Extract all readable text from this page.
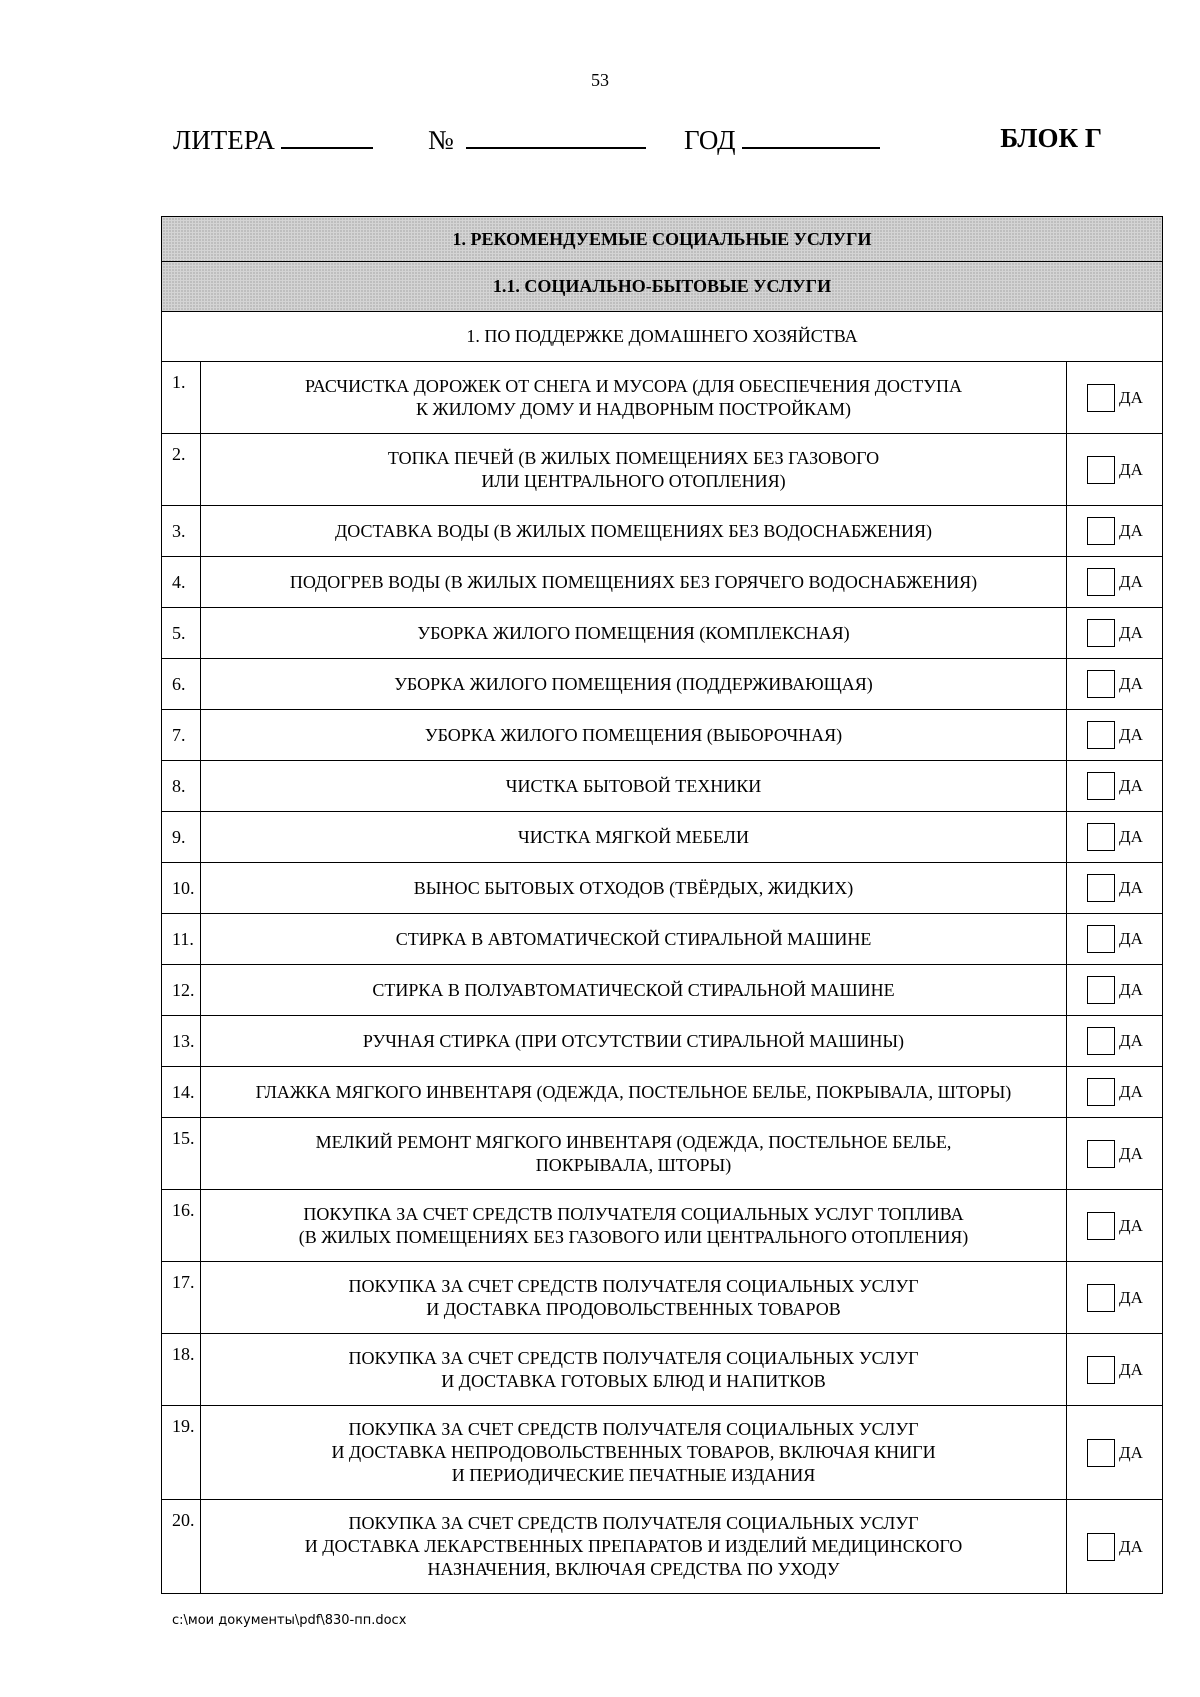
53
ЛИТЕРА	№	ГОД	БЛОК Г
1. РЕКОМЕНДУЕМЫЕ СОЦИАЛЬНЫЕ УСЛУГИ		
1.1. СОЦИАЛЬНО-БЫТОВЫЕ УСЛУГИ		
1. ПО ПОДДЕРЖКЕ ДОМАШНЕГО ХОЗЯЙСТВА		
1.	РАСЧИСТКА ДОРОЖЕК ОТ СНЕГА И МУСОРА (ДЛЯ ОБЕСПЕЧЕНИЯ ДОСТУПА
К ЖИЛОМУ ДОМУ И НАДВОРНЫМ ПОСТРОЙКАМ)	ДА
2.	ТОПКА ПЕЧЕЙ (В ЖИЛЫХ ПОМЕЩЕНИЯХ БЕЗ ГАЗОВОГО
ИЛИ ЦЕНТРАЛЬНОГО ОТОПЛЕНИЯ)	ДА
3.	ДОСТАВКА ВОДЫ (В ЖИЛЫХ ПОМЕЩЕНИЯХ БЕЗ ВОДОСНАБЖЕНИЯ)	ДА
4.	ПОДОГРЕВ ВОДЫ (В ЖИЛЫХ ПОМЕЩЕНИЯХ БЕЗ ГОРЯЧЕГО ВОДОСНАБЖЕНИЯ)	ДА
5.	УБОРКА ЖИЛОГО ПОМЕЩЕНИЯ (КОМПЛЕКСНАЯ)	ДА
6.	УБОРКА ЖИЛОГО ПОМЕЩЕНИЯ (ПОДДЕРЖИВАЮЩАЯ)	ДА
7.	УБОРКА ЖИЛОГО ПОМЕЩЕНИЯ (ВЫБОРОЧНАЯ)	ДА
8.	ЧИСТКА БЫТОВОЙ ТЕХНИКИ	ДА
9.	ЧИСТКА МЯГКОЙ МЕБЕЛИ	ДА
10.	ВЫНОС БЫТОВЫХ ОТХОДОВ (ТВЁРДЫХ, ЖИДКИХ)	ДА
11.	СТИРКА В АВТОМАТИЧЕСКОЙ СТИРАЛЬНОЙ МАШИНЕ	ДА
12.	СТИРКА В ПОЛУАВТОМАТИЧЕСКОЙ СТИРАЛЬНОЙ МАШИНЕ	ДА
13.	РУЧНАЯ СТИРКА (ПРИ ОТСУТСТВИИ СТИРАЛЬНОЙ МАШИНЫ)	ДА
14.	ГЛАЖКА МЯГКОГО ИНВЕНТАРЯ (ОДЕЖДА, ПОСТЕЛЬНОЕ БЕЛЬЕ, ПОКРЫВАЛА, ШТОРЫ)	ДА
15.	МЕЛКИЙ РЕМОНТ МЯГКОГО ИНВЕНТАРЯ (ОДЕЖДА, ПОСТЕЛЬНОЕ БЕЛЬЕ,
ПОКРЫВАЛА, ШТОРЫ)	ДА
16.	ПОКУПКА ЗА СЧЕТ СРЕДСТВ ПОЛУЧАТЕЛЯ СОЦИАЛЬНЫХ УСЛУГ ТОПЛИВА
(В ЖИЛЫХ ПОМЕЩЕНИЯХ БЕЗ ГАЗОВОГО ИЛИ ЦЕНТРАЛЬНОГО ОТОПЛЕНИЯ)	ДА
17.	ПОКУПКА ЗА СЧЕТ СРЕДСТВ ПОЛУЧАТЕЛЯ СОЦИАЛЬНЫХ УСЛУГ
И ДОСТАВКА ПРОДОВОЛЬСТВЕННЫХ ТОВАРОВ	ДА
18.	ПОКУПКА ЗА СЧЕТ СРЕДСТВ ПОЛУЧАТЕЛЯ СОЦИАЛЬНЫХ УСЛУГ
И ДОСТАВКА ГОТОВЫХ БЛЮД И НАПИТКОВ	ДА
19.	ПОКУПКА ЗА СЧЕТ СРЕДСТВ ПОЛУЧАТЕЛЯ СОЦИАЛЬНЫХ УСЛУГ
И ДОСТАВКА НЕПРОДОВОЛЬСТВЕННЫХ ТОВАРОВ, ВКЛЮЧАЯ КНИГИ
И ПЕРИОДИЧЕСКИЕ ПЕЧАТНЫЕ ИЗДАНИЯ	ДА
20.	ПОКУПКА ЗА СЧЕТ СРЕДСТВ ПОЛУЧАТЕЛЯ СОЦИАЛЬНЫХ УСЛУГ
И ДОСТАВКА ЛЕКАРСТВЕННЫХ ПРЕПАРАТОВ И ИЗДЕЛИЙ МЕДИЦИНСКОГО
НАЗНАЧЕНИЯ, ВКЛЮЧАЯ СРЕДСТВА ПО УХОДУ	ДА
c:\мои документы\pdf\830-пп.docx
